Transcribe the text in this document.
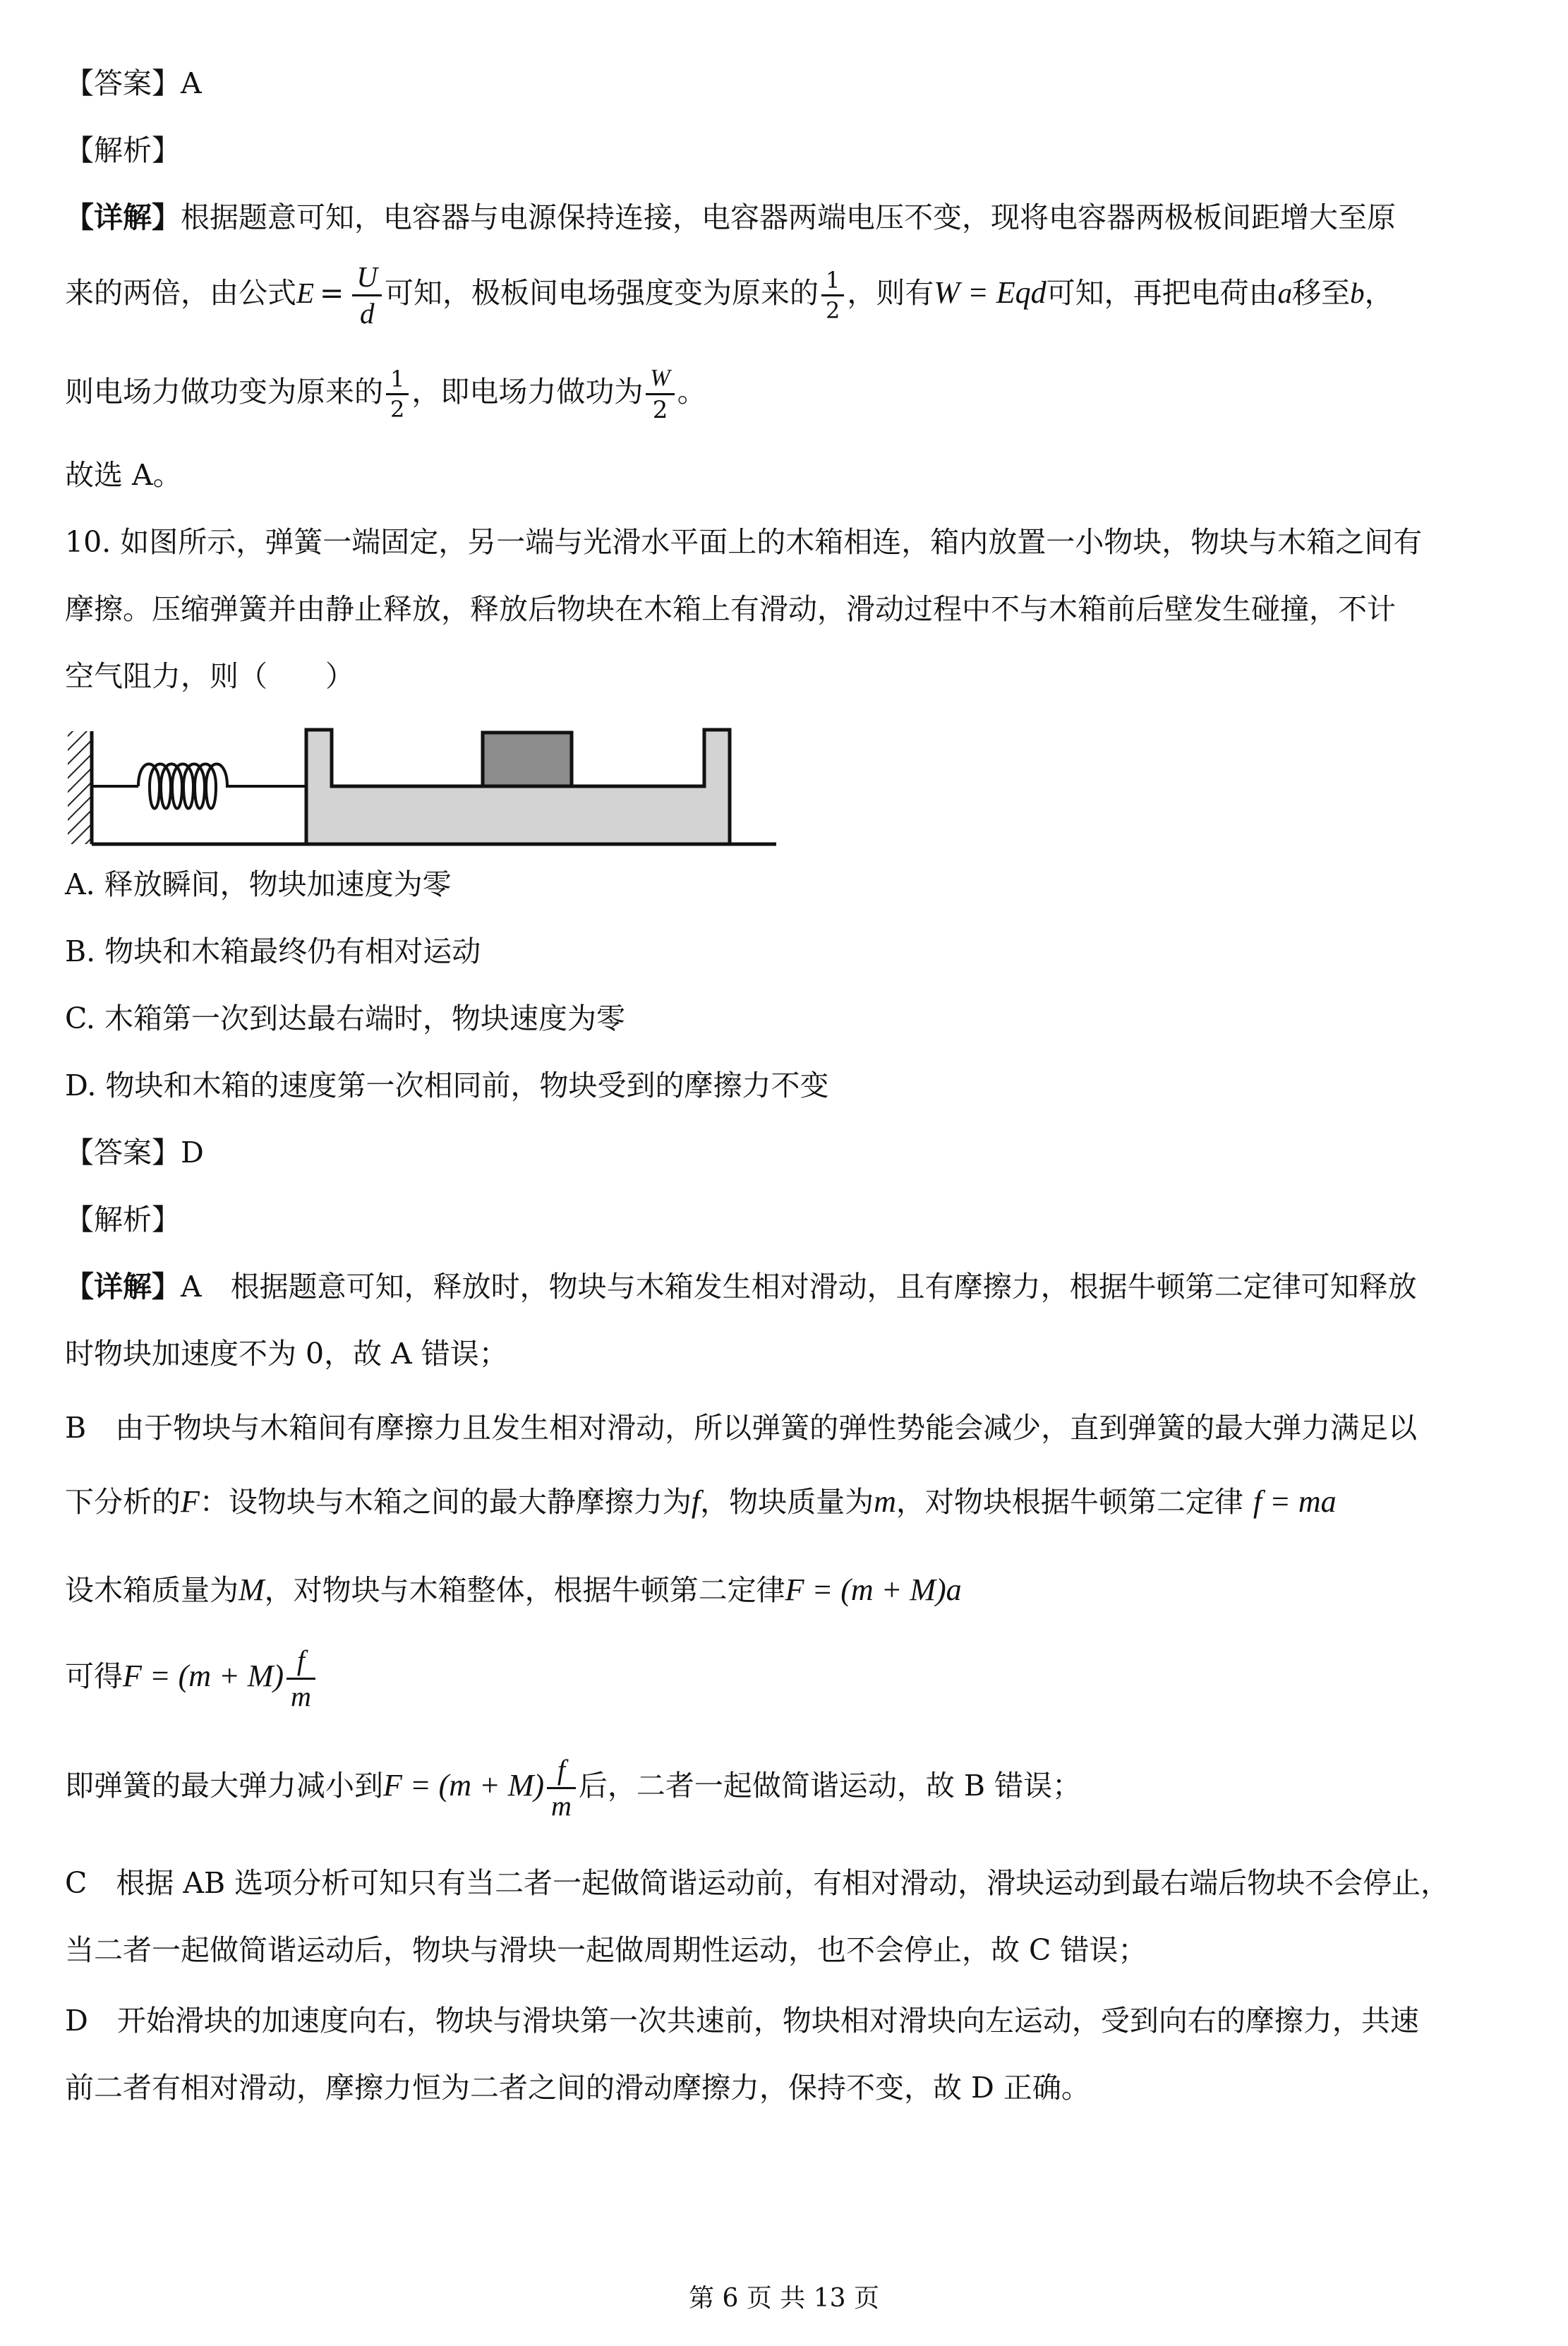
【答案】A
【解析】
【详解】根据题意可知，电容器与电源保持连接，电容器两端电压不变，现将电容器两极板间距增大至原
来的两倍，由公式$E = \frac{U}{d}$ 可知，极板间电场强度变为原来的 $\frac{1}{2}$ ，则有W = Eqd可知，再把电荷由a移至b，
则电场力做功变为原来的 $\frac{1}{2}$ ，即电场力做功为 $\frac{W}{2}$ 。
故选 A。
10. 如图所示，弹簧一端固定，另一端与光滑水平面上的木箱相连，箱内放置一小物块，物块与木箱之间有
摩擦。压缩弹簧并由静止释放，释放后物块在木箱上有滑动，滑动过程中不与木箱前后壁发生碰撞，不计
空气阻力，则（　　）
A. 释放瞬间，物块加速度为零
B. 物块和木箱最终仍有相对运动
C. 木箱第一次到达最右端时，物块速度为零
D. 物块和木箱的速度第一次相同前，物块受到的摩擦力不变
【答案】D
【解析】
【详解】A　根据题意可知，释放时，物块与木箱发生相对滑动，且有摩擦力，根据牛顿第二定律可知释放
时物块加速度不为 0，故 A 错误；
B　由于物块与木箱间有摩擦力且发生相对滑动，所以弹簧的弹性势能会减少，直到弹簧的最大弹力满足以
下分析的F：设物块与木箱之间的最大静摩擦力为f，物块质量为m，对物块根据牛顿第二定律 f = ma
设木箱质量为M，对物块与木箱整体，根据牛顿第二定律F = (m + M)a
可得$F = (m + M) \frac{f}{m}$
即弹簧的最大弹力减小到$F = (m + M) \frac{f}{m}$ 后，二者一起做简谐运动，故 B 错误；
C　根据 AB 选项分析可知只有当二者一起做简谐运动前，有相对滑动，滑块运动到最右端后物块不会停止，
当二者一起做简谐运动后，物块与滑块一起做周期性运动，也不会停止，故 C 错误；
D　开始滑块的加速度向右，物块与滑块第一次共速前，物块相对滑块向左运动，受到向右的摩擦力，共速
前二者有相对滑动，摩擦力恒为二者之间的滑动摩擦力，保持不变，故 D 正确。
第 6 页 共 13 页
